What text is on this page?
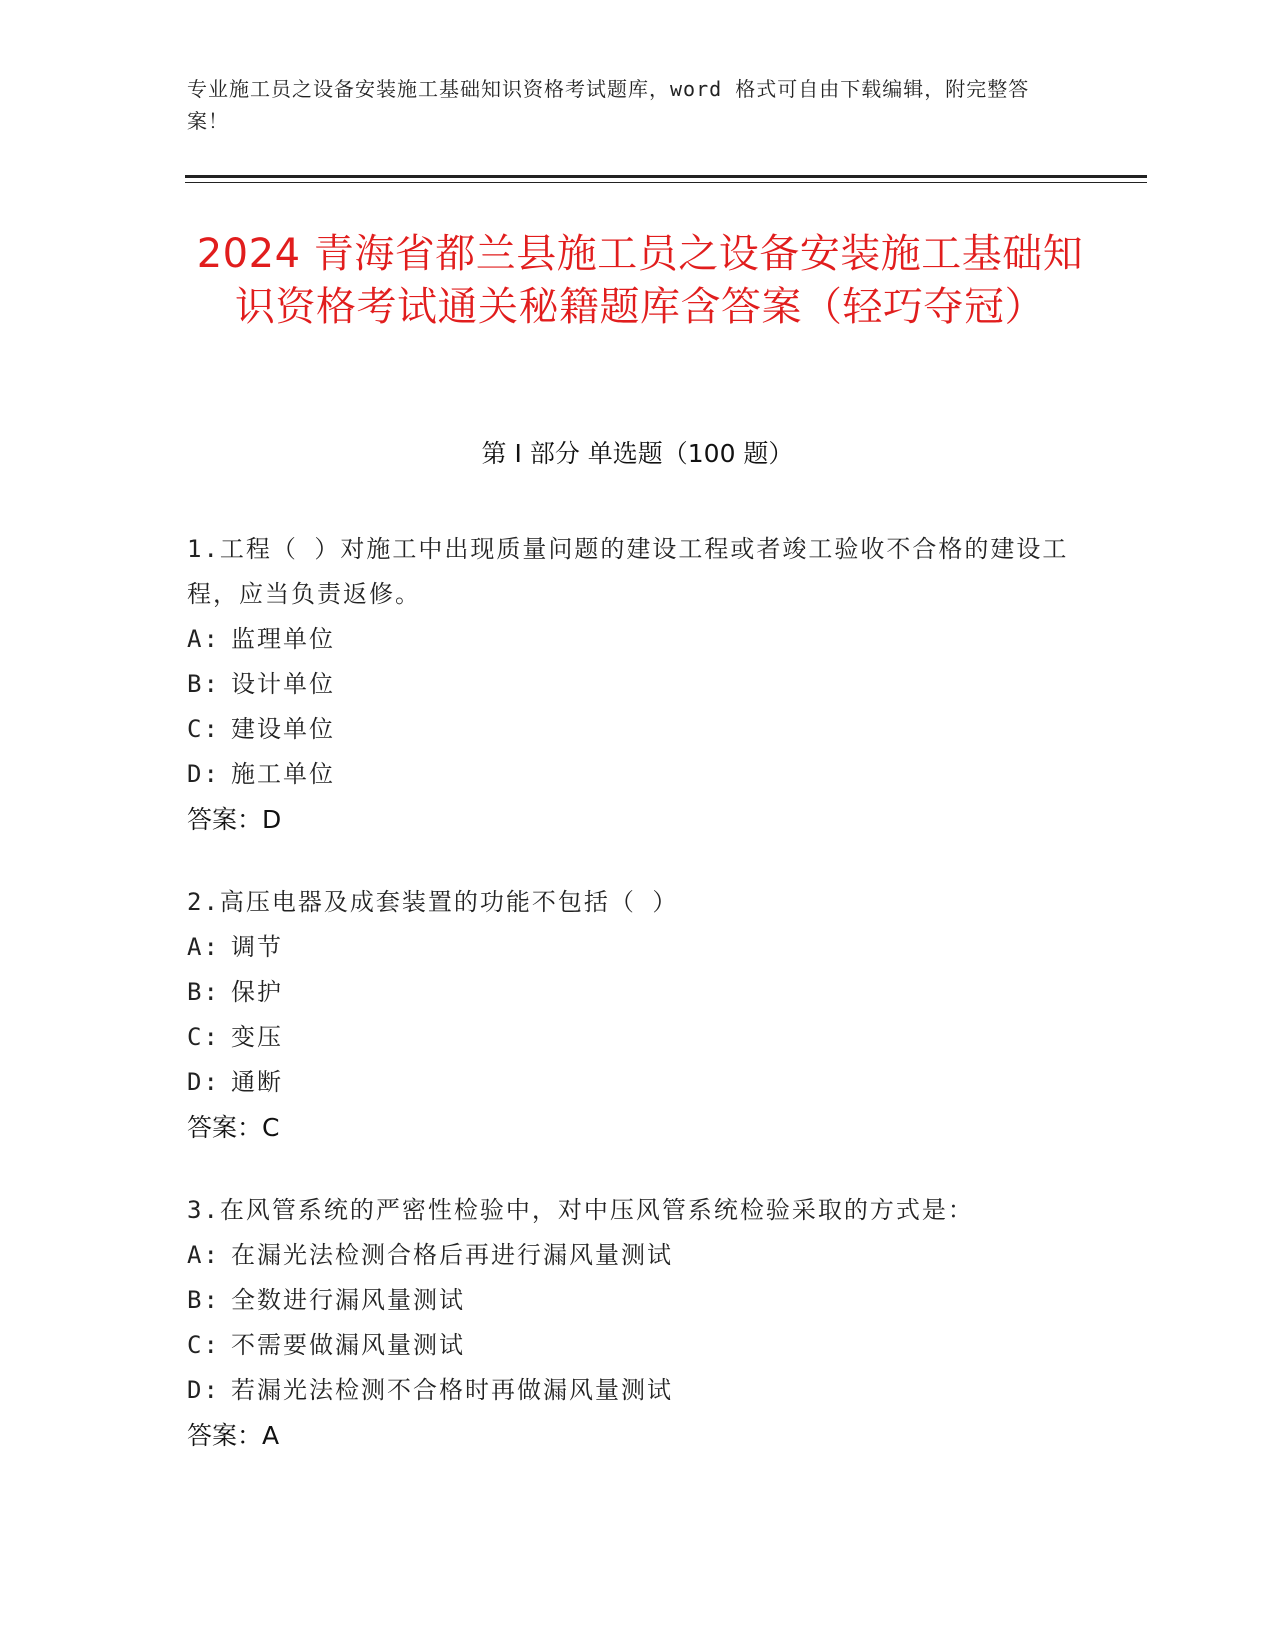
专业施工员之设备安装施工基础知识资格考试题库，word 格式可自由下载编辑，附完整答案！
2024 青海省都兰县施工员之设备安装施工基础知识资格考试通关秘籍题库含答案（轻巧夺冠）
第 I 部分 单选题（100 题）
1.工程（ ）对施工中出现质量问题的建设工程或者竣工验收不合格的建设工程，应当负责返修。
A: 监理单位
B: 设计单位
C: 建设单位
D: 施工单位
答案：D
2.高压电器及成套装置的功能不包括（ ）
A: 调节
B: 保护
C: 变压
D: 通断
答案：C
3.在风管系统的严密性检验中，对中压风管系统检验采取的方式是：
A: 在漏光法检测合格后再进行漏风量测试
B: 全数进行漏风量测试
C: 不需要做漏风量测试
D: 若漏光法检测不合格时再做漏风量测试
答案：A
